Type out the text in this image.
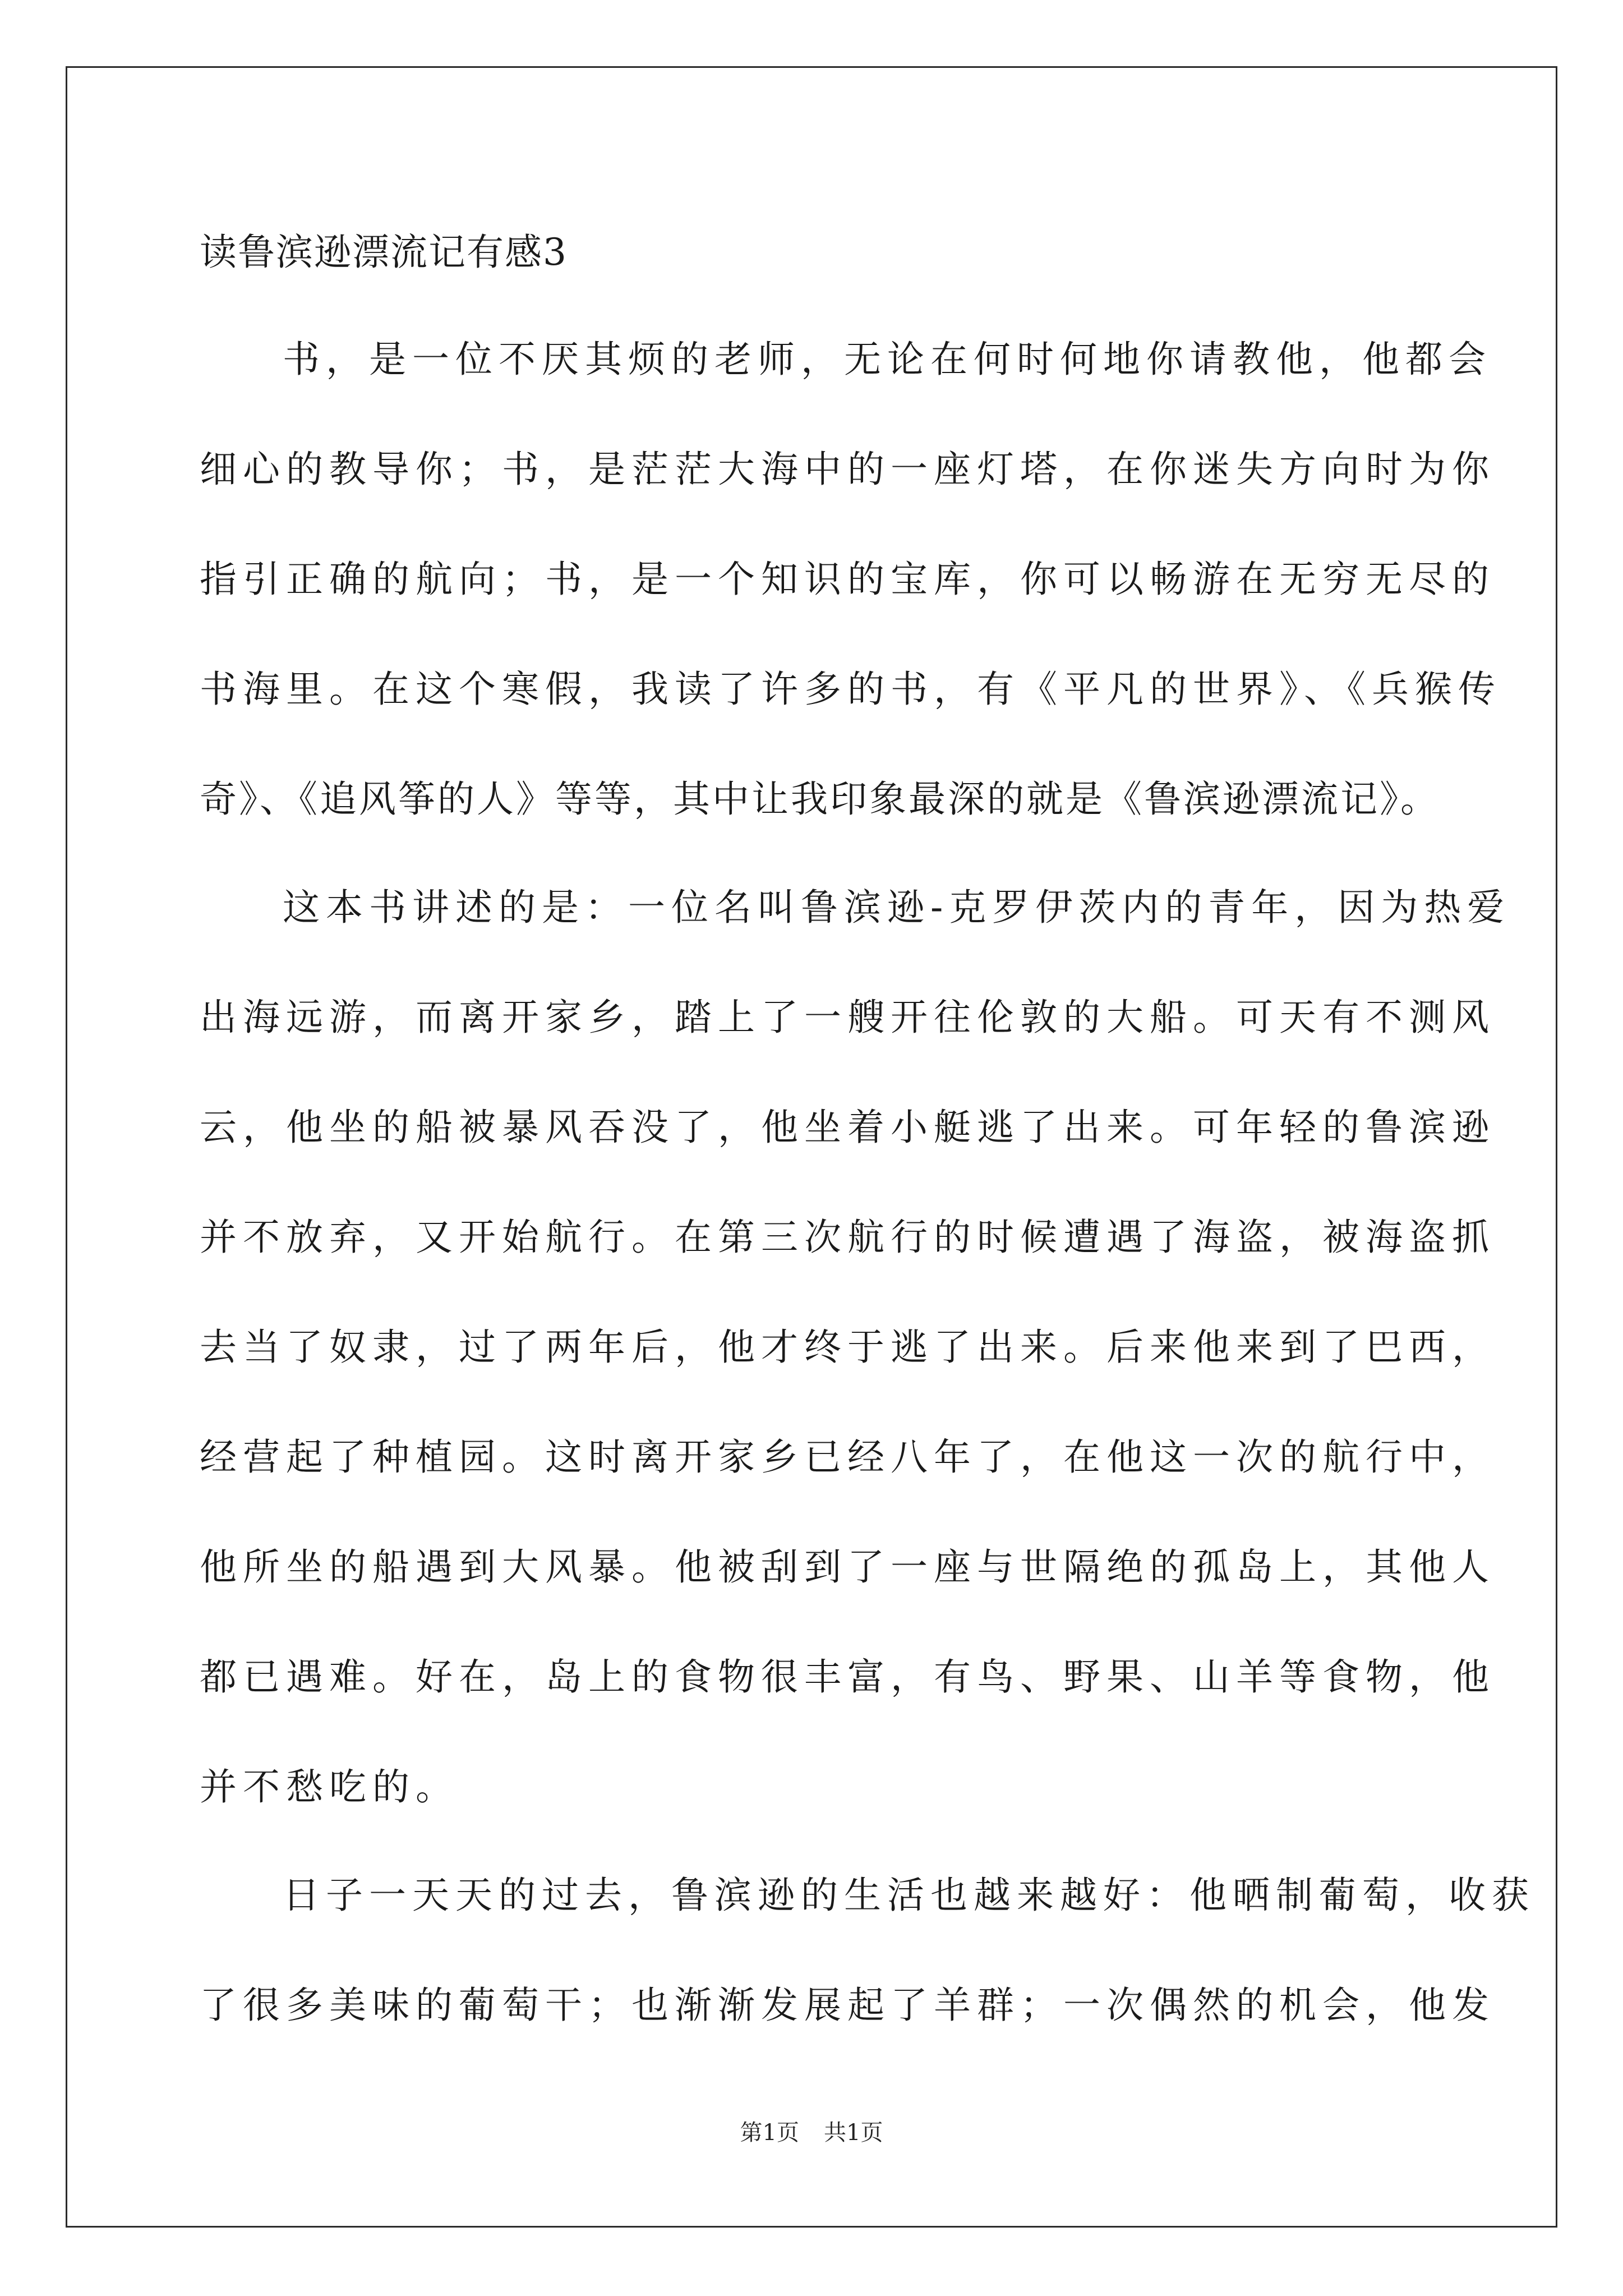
读鲁滨逊漂流记有感3
书，是一位不厌其烦的老师，无论在何时何地你请教他，他都会
细心的教导你；书，是茫茫大海中的一座灯塔，在你迷失方向时为你
指引正确的航向；书，是一个知识的宝库，你可以畅游在无穷无尽的
书海里。在这个寒假，我读了许多的书，有《平凡的世界》、《兵猴传
奇》、《追风筝的人》等等，其中让我印象最深的就是《鲁滨逊漂流记》。
这本书讲述的是：一位名叫鲁滨逊-克罗伊茨内的青年，因为热爱
出海远游，而离开家乡，踏上了一艘开往伦敦的大船。可天有不测风
云，他坐的船被暴风吞没了，他坐着小艇逃了出来。可年轻的鲁滨逊
并不放弃，又开始航行。在第三次航行的时候遭遇了海盗，被海盗抓
去当了奴隶，过了两年后，他才终于逃了出来。后来他来到了巴西，
经营起了种植园。这时离开家乡已经八年了，在他这一次的航行中，
他所坐的船遇到大风暴。他被刮到了一座与世隔绝的孤岛上，其他人
都已遇难。好在，岛上的食物很丰富，有鸟、野果、山羊等食物，他
并不愁吃的。
日子一天天的过去，鲁滨逊的生活也越来越好：他晒制葡萄，收获
了很多美味的葡萄干；也渐渐发展起了羊群；一次偶然的机会，他发
第1页 共1页
